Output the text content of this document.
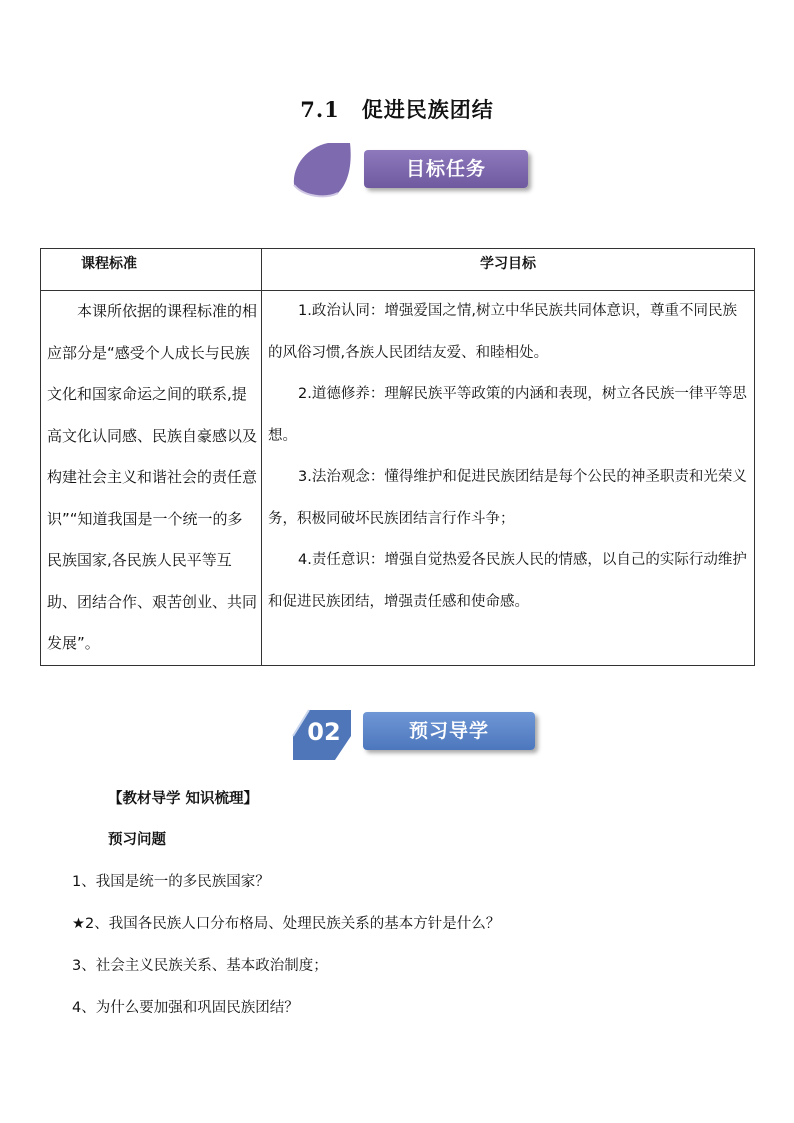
7.1 促进民族团结
目标任务
课程标准	学习目标
本课所依据的课程标准的相应部分是“感受个人成长与民族文化和国家命运之间的联系,提高文化认同感、民族自豪感以及构建社会主义和谐社会的责任意识”“知道我国是一个统一的多民族国家,各民族人民平等互助、团结合作、艰苦创业、共同发展”。	1.政治认同：增强爱国之情,树立中华民族共同体意识，尊重不同民族的风俗习惯,各族人民团结友爱、和睦相处。

2.道德修养：理解民族平等政策的内涵和表现，树立各民族一律平等思想。

3.法治观念：懂得维护和促进民族团结是每个公民的神圣职责和光荣义务，积极同破坏民族团结言行作斗争；

4.责任意识：增强自觉热爱各民族人民的情感，以自己的实际行动维护和促进民族团结，增强责任感和使命感。

02	预习导学
【教材导学 知识梳理】
预习问题
1、我国是统一的多民族国家？
★2、我国各民族人口分布格局、处理民族关系的基本方针是什么？
3、社会主义民族关系、基本政治制度；
4、为什么要加强和巩固民族团结？
